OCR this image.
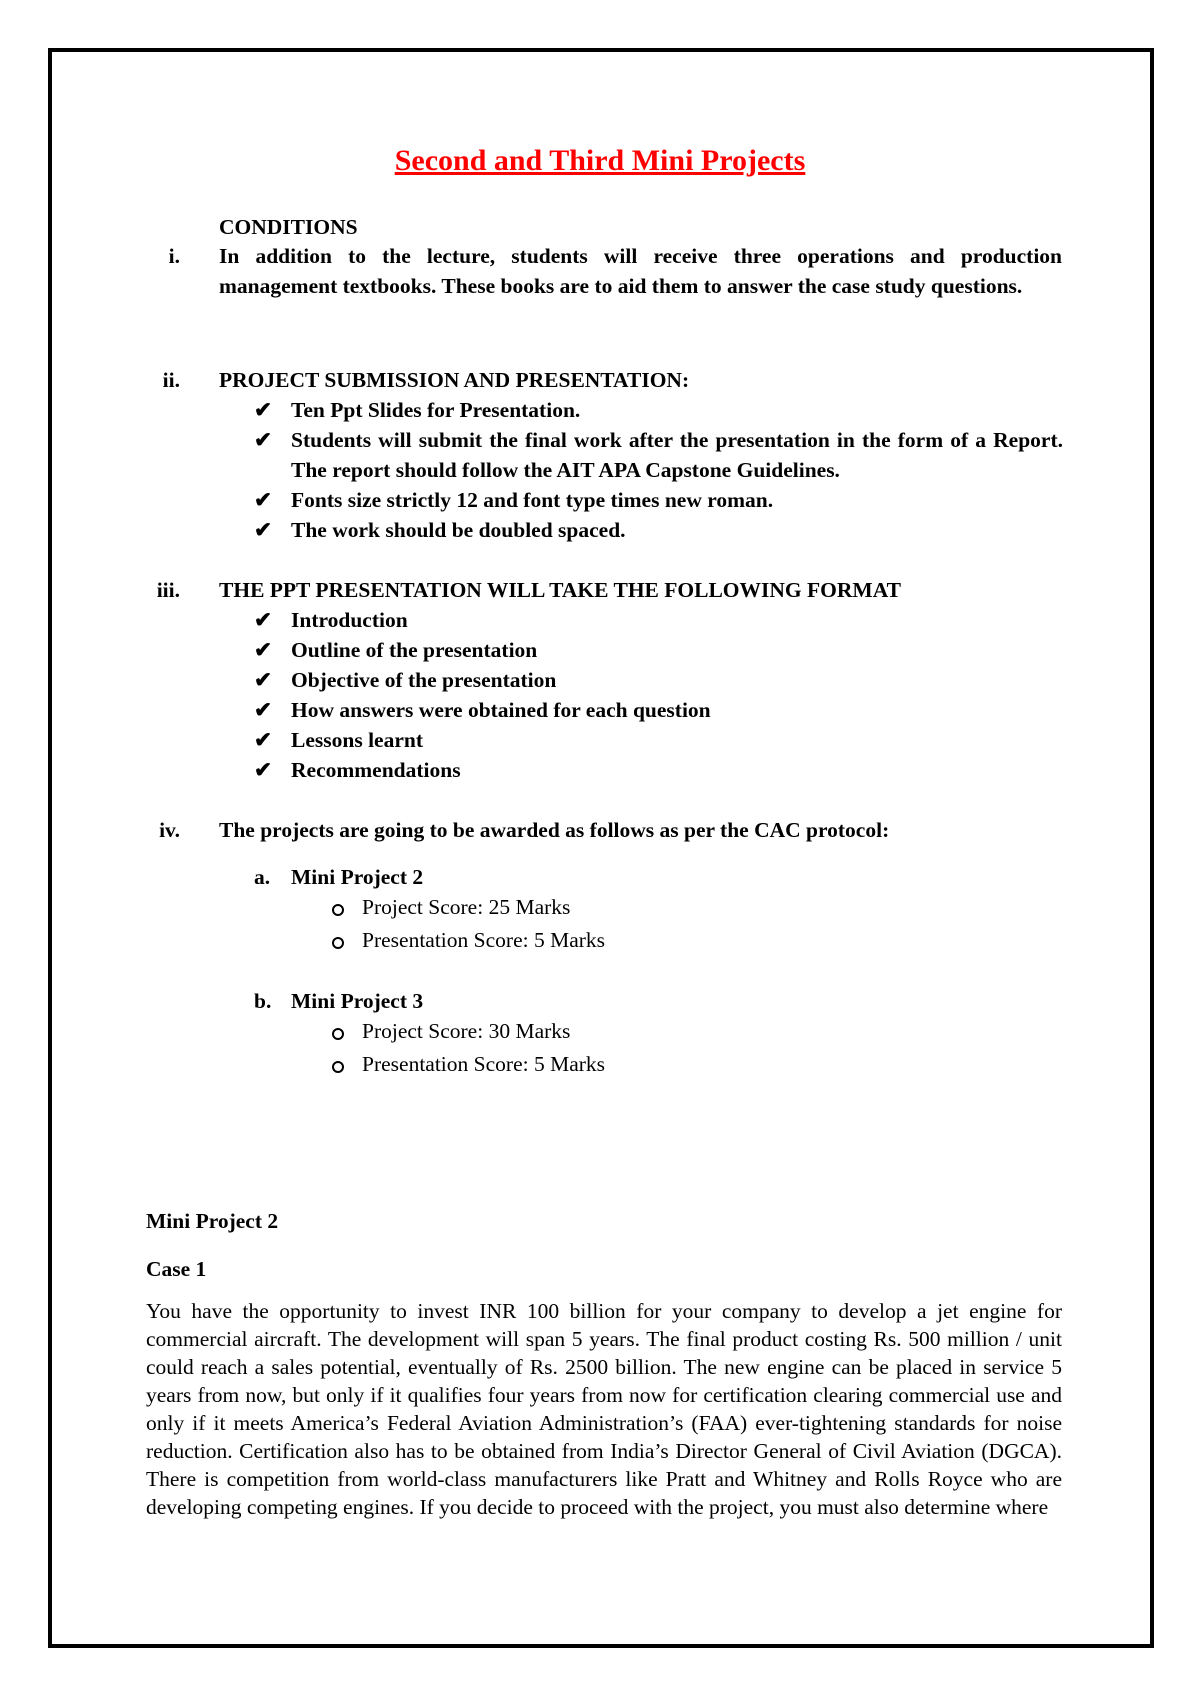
Second and Third Mini Projects
CONDITIONS
i. In addition to the lecture, students will receive three operations and production management textbooks. These books are to aid them to answer the case study questions.
ii. PROJECT SUBMISSION AND PRESENTATION:
✔ Ten Ppt Slides for Presentation.
✔ Students will submit the final work after the presentation in the form of a Report. The report should follow the AIT APA Capstone Guidelines.
✔ Fonts size strictly 12 and font type times new roman.
✔ The work should be doubled spaced.
iii. THE PPT PRESENTATION WILL TAKE THE FOLLOWING FORMAT
✔ Introduction
✔ Outline of the presentation
✔ Objective of the presentation
✔ How answers were obtained for each question
✔ Lessons learnt
✔ Recommendations
iv. The projects are going to be awarded as follows as per the CAC protocol:
a. Mini Project 2
Project Score: 25 Marks
Presentation Score: 5 Marks
b. Mini Project 3
Project Score: 30 Marks
Presentation Score: 5 Marks
Mini Project 2
Case 1
You have the opportunity to invest INR 100 billion for your company to develop a jet engine for commercial aircraft. The development will span 5 years. The final product costing Rs. 500 million / unit could reach a sales potential, eventually of Rs. 2500 billion. The new engine can be placed in service 5 years from now, but only if it qualifies four years from now for certification clearing commercial use and only if it meets America’s Federal Aviation Administration’s (FAA) ever-tightening standards for noise reduction. Certification also has to be obtained from India’s Director General of Civil Aviation (DGCA). There is competition from world-class manufacturers like Pratt and Whitney and Rolls Royce who are developing competing engines. If you decide to proceed with the project, you must also determine where
